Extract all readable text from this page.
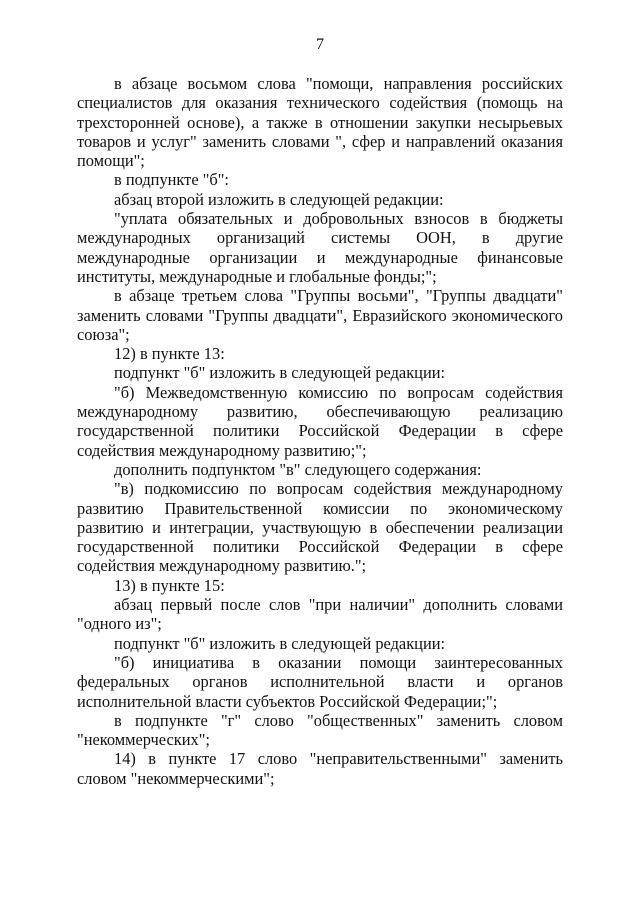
7

в абзаце восьмом слова "помощи, направления российских специалистов для оказания технического содействия (помощь на трехсторонней основе), а также в отношении закупки несырьевых товаров и услуг" заменить словами ", сфер и направлений оказания помощи";

в подпункте "б":

абзац второй изложить в следующей редакции:

"уплата обязательных и добровольных взносов в бюджеты международных организаций системы ООН, в другие международные организации и международные финансовые институты, международные и глобальные фонды;";

в абзаце третьем слова "Группы восьми", "Группы двадцати" заменить словами "Группы двадцати", Евразийского экономического союза";

12) в пункте 13:

подпункт "б" изложить в следующей редакции:

"б) Межведомственную комиссию по вопросам содействия международному развитию, обеспечивающую реализацию государственной политики Российской Федерации в сфере содействия международному развитию;";

дополнить подпунктом "в" следующего содержания:

"в) подкомиссию по вопросам содействия международному развитию Правительственной комиссии по экономическому развитию и интеграции, участвующую в обеспечении реализации государственной политики Российской Федерации в сфере содействия международному развитию.";

13) в пункте 15:

абзац первый после слов "при наличии" дополнить словами "одного из";

подпункт "б" изложить в следующей редакции:

"б) инициатива в оказании помощи заинтересованных федеральных органов исполнительной власти и органов исполнительной власти субъектов Российской Федерации;";

в подпункте "г" слово "общественных" заменить словом "некоммерческих";

14) в пункте 17 слово "неправительственными" заменить словом "некоммерческими";
